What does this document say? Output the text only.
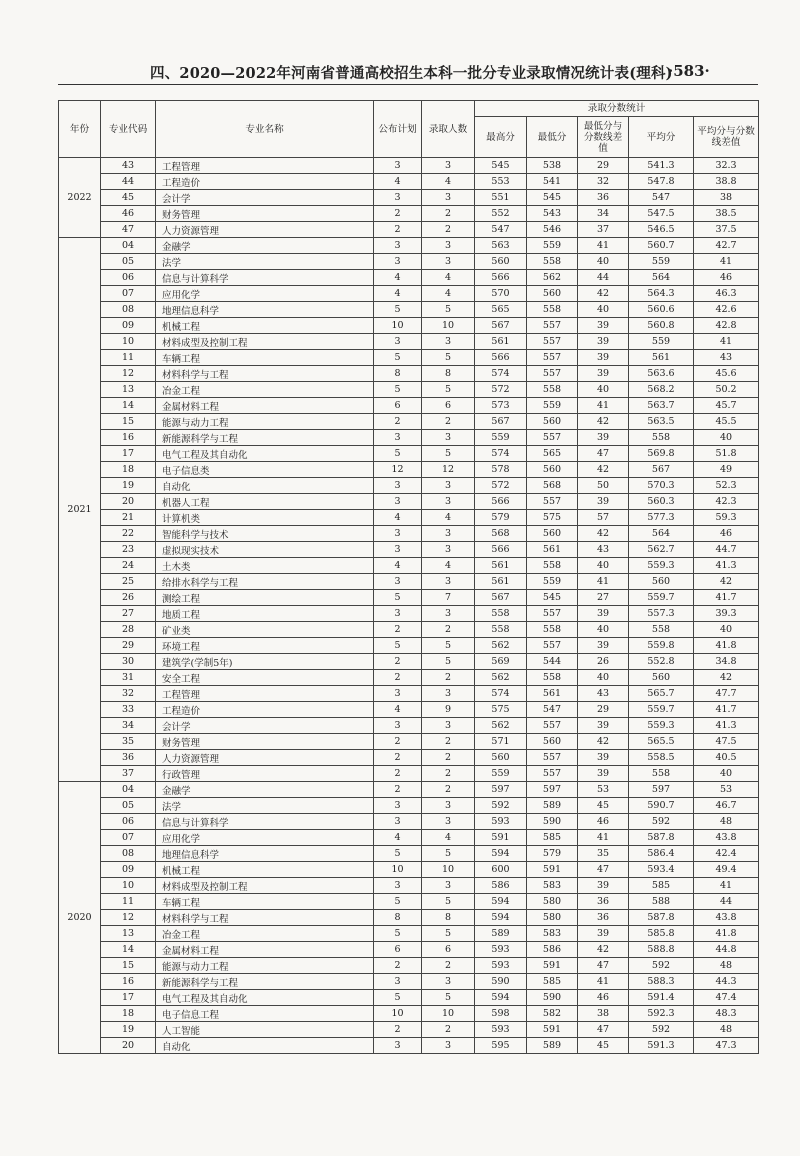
四、2020—2022年河南省普通高校招生本科一批分专业录取情况统计表(理科)
·583·
年份	专业代码	专业名称	公布计划	录取人数	录取分数统计				
					最高分	最低分	最低分与分数线差值	平均分	平均分与分数线差值
2022	43	工程管理	3	3	545	538	29	541.3	32.3
	44	工程造价	4	4	553	541	32	547.8	38.8
	45	会计学	3	3	551	545	36	547	38
	46	财务管理	2	2	552	543	34	547.5	38.5
	47	人力资源管理	2	2	547	546	37	546.5	37.5
2021	04	金融学	3	3	563	559	41	560.7	42.7
	05	法学	3	3	560	558	40	559	41
	06	信息与计算科学	4	4	566	562	44	564	46
	07	应用化学	4	4	570	560	42	564.3	46.3
	08	地理信息科学	5	5	565	558	40	560.6	42.6
	09	机械工程	10	10	567	557	39	560.8	42.8
	10	材料成型及控制工程	3	3	561	557	39	559	41
	11	车辆工程	5	5	566	557	39	561	43
	12	材料科学与工程	8	8	574	557	39	563.6	45.6
	13	冶金工程	5	5	572	558	40	568.2	50.2
	14	金属材料工程	6	6	573	559	41	563.7	45.7
	15	能源与动力工程	2	2	567	560	42	563.5	45.5
	16	新能源科学与工程	3	3	559	557	39	558	40
	17	电气工程及其自动化	5	5	574	565	47	569.8	51.8
	18	电子信息类	12	12	578	560	42	567	49
	19	自动化	3	3	572	568	50	570.3	52.3
	20	机器人工程	3	3	566	557	39	560.3	42.3
	21	计算机类	4	4	579	575	57	577.3	59.3
	22	智能科学与技术	3	3	568	560	42	564	46
	23	虚拟现实技术	3	3	566	561	43	562.7	44.7
	24	土木类	4	4	561	558	40	559.3	41.3
	25	给排水科学与工程	3	3	561	559	41	560	42
	26	测绘工程	5	7	567	545	27	559.7	41.7
	27	地质工程	3	3	558	557	39	557.3	39.3
	28	矿业类	2	2	558	558	40	558	40
	29	环境工程	5	5	562	557	39	559.8	41.8
	30	建筑学(学制5年)	2	5	569	544	26	552.8	34.8
	31	安全工程	2	2	562	558	40	560	42
	32	工程管理	3	3	574	561	43	565.7	47.7
	33	工程造价	4	9	575	547	29	559.7	41.7
	34	会计学	3	3	562	557	39	559.3	41.3
	35	财务管理	2	2	571	560	42	565.5	47.5
	36	人力资源管理	2	2	560	557	39	558.5	40.5
	37	行政管理	2	2	559	557	39	558	40
2020	04	金融学	2	2	597	597	53	597	53
	05	法学	3	3	592	589	45	590.7	46.7
	06	信息与计算科学	3	3	593	590	46	592	48
	07	应用化学	4	4	591	585	41	587.8	43.8
	08	地理信息科学	5	5	594	579	35	586.4	42.4
	09	机械工程	10	10	600	591	47	593.4	49.4
	10	材料成型及控制工程	3	3	586	583	39	585	41
	11	车辆工程	5	5	594	580	36	588	44
	12	材料科学与工程	8	8	594	580	36	587.8	43.8
	13	冶金工程	5	5	589	583	39	585.8	41.8
	14	金属材料工程	6	6	593	586	42	588.8	44.8
	15	能源与动力工程	2	2	593	591	47	592	48
	16	新能源科学与工程	3	3	590	585	41	588.3	44.3
	17	电气工程及其自动化	5	5	594	590	46	591.4	47.4
	18	电子信息工程	10	10	598	582	38	592.3	48.3
	19	人工智能	2	2	593	591	47	592	48
	20	自动化	3	3	595	589	45	591.3	47.3
